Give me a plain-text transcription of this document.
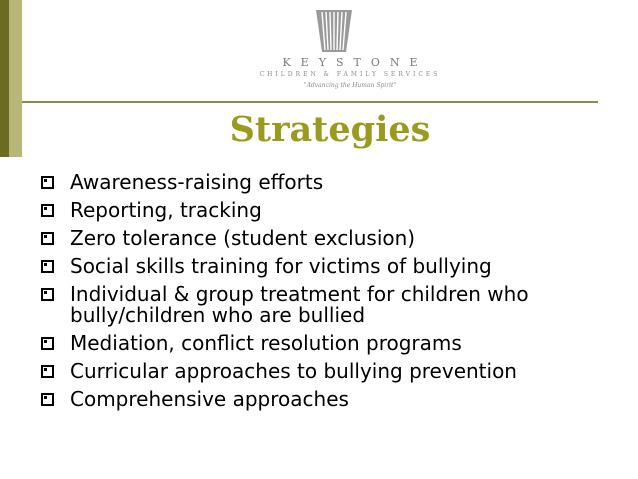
KEYSTONE
CHILDREN & FAMILY SERVICES
"Advancing the Human Spirit"
Strategies
Awareness-raising efforts
Reporting, tracking
Zero tolerance (student exclusion)
Social skills training for victims of bullying
Individual & group treatment for children who bully/children who are bullied
Mediation, conflict resolution programs
Curricular approaches to bullying prevention
Comprehensive approaches
